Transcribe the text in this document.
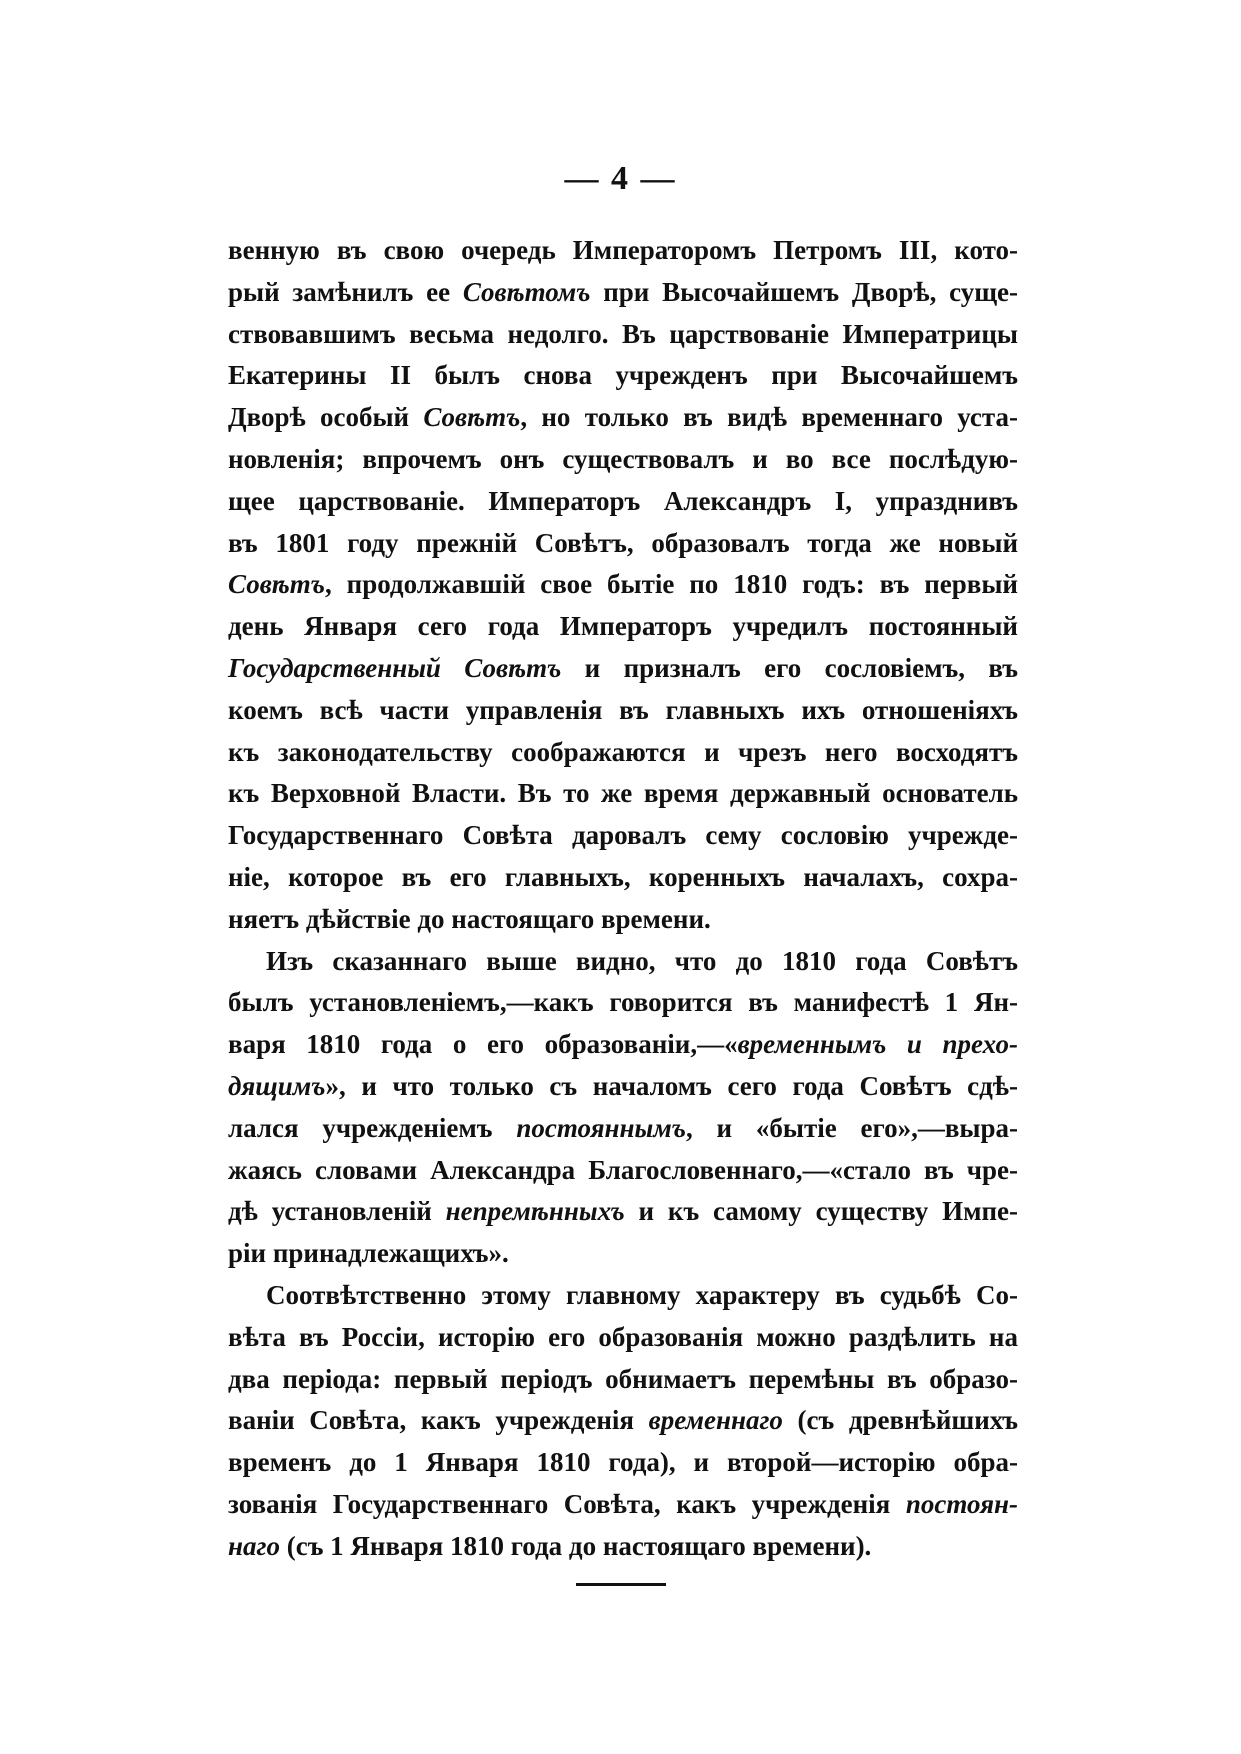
— 4 —
венную въ свою очередь Императоромъ Петромъ III, кото-
рый замѣнилъ ее Совѣтомъ при Высочайшемъ Дворѣ, суще-
ствовавшимъ весьма недолго. Въ царствованіе Императрицы
Екатерины II былъ снова учрежденъ при Высочайшемъ
Дворѣ особый Совѣтъ, но только въ видѣ временнаго уста-
новленія; впрочемъ онъ существовалъ и во все послѣдую-
щее царствованіе. Императоръ Александръ I, упразднивъ
въ 1801 году прежній Совѣтъ, образовалъ тогда же новый
Совѣтъ, продолжавшій свое бытіе по 1810 годъ: въ первый
день Января сего года Императоръ учредилъ постоянный
Государственный Совѣтъ и призналъ его сословіемъ, въ
коемъ всѣ части управленія въ главныхъ ихъ отношеніяхъ
къ законодательству соображаются и чрезъ него восходятъ
къ Верховной Власти. Въ то же время державный основатель
Государственнаго Совѣта даровалъ сему сословію учрежде-
ніе, которое въ его главныхъ, коренныхъ началахъ, сохра-
няетъ дѣйствіе до настоящаго времени.
Изъ сказаннаго выше видно, что до 1810 года Совѣтъ
былъ установленіемъ,—какъ говорится въ манифестѣ 1 Ян-
варя 1810 года о его образованіи,—«временнымъ и прехо-
дящимъ», и что только съ началомъ сего года Совѣтъ сдѣ-
лался учрежденіемъ постояннымъ, и «бытіе его»,—выра-
жаясь словами Александра Благословеннаго,—«стало въ чре-
дѣ установленій непремѣнныхъ и къ самому существу Импе-
ріи принадлежащихъ».
Соотвѣтственно этому главному характеру въ судьбѣ Со-
вѣта въ Россіи, исторію его образованія можно раздѣлить на
два періода: первый періодъ обнимаетъ перемѣны въ образо-
ваніи Совѣта, какъ учрежденія временнаго (съ древнѣйшихъ
временъ до 1 Января 1810 года), и второй—исторію обра-
зованія Государственнаго Совѣта, какъ учрежденія постоян-
наго (съ 1 Января 1810 года до настоящаго времени).
